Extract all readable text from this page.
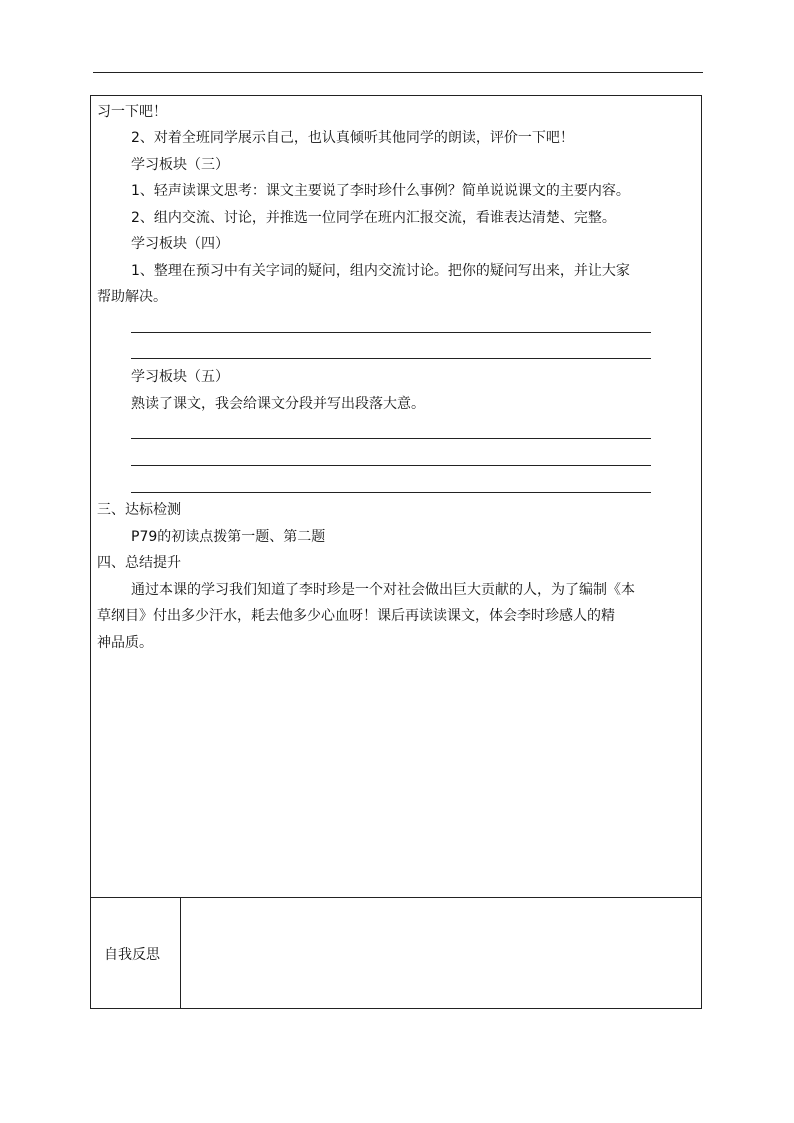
习一下吧！
2、对着全班同学展示自己，也认真倾听其他同学的朗读，评价一下吧！
学习板块（三）
1、轻声读课文思考：课文主要说了李时珍什么事例？简单说说课文的主要内容。
2、组内交流、讨论，并推选一位同学在班内汇报交流，看谁表达清楚、完整。
学习板块（四）
1、整理在预习中有关字词的疑问，组内交流讨论。把你的疑问写出来，并让大家
帮助解决。
学习板块（五）
熟读了课文，我会给课文分段并写出段落大意。
三、达标检测
P79的初读点拨第一题、第二题
四、总结提升
通过本课的学习我们知道了李时珍是一个对社会做出巨大贡献的人，为了编制《本
草纲目》付出多少汗水，耗去他多少心血呀！课后再读读课文，体会李时珍感人的精
神品质。
自我反思
